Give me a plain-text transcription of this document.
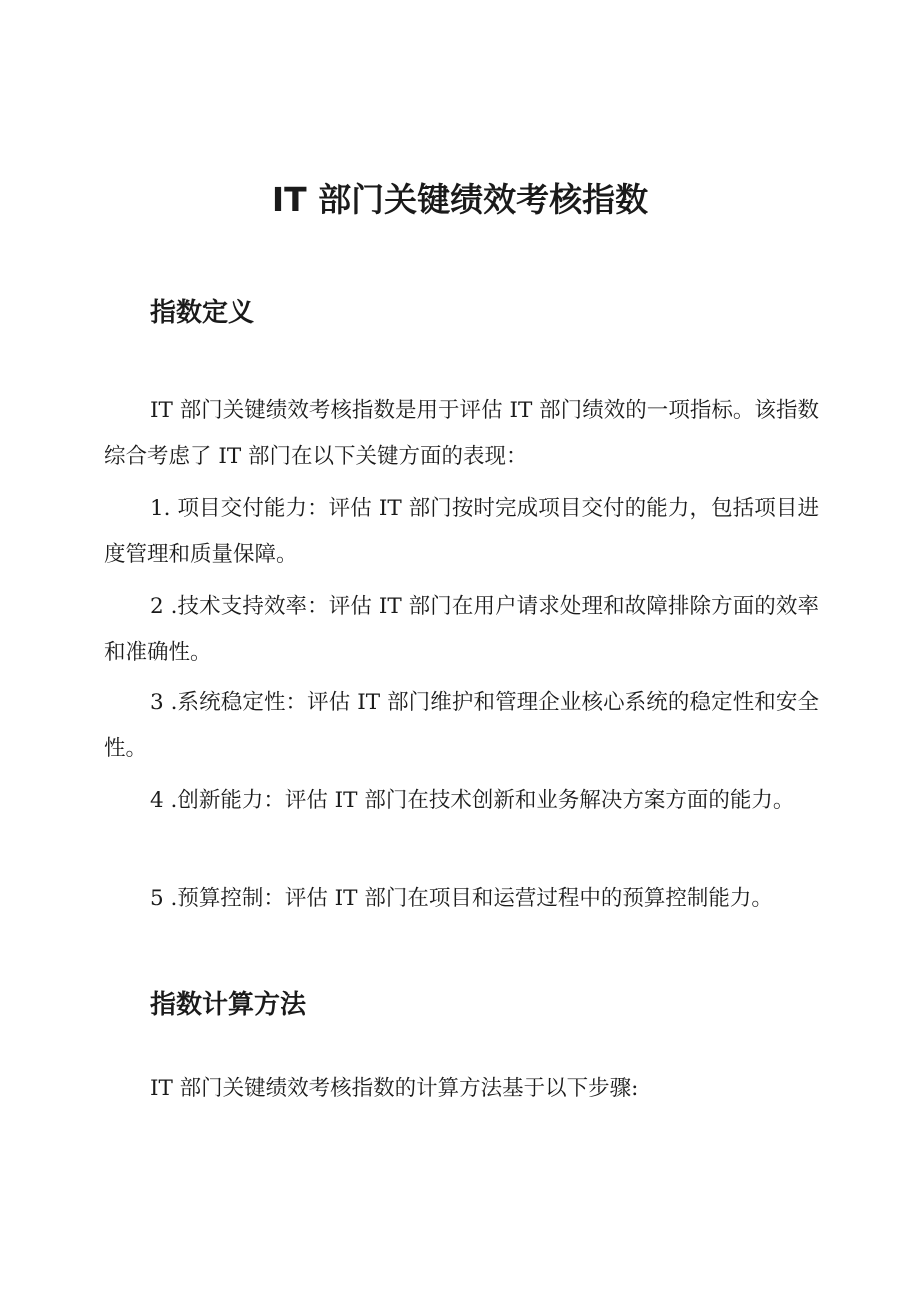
IT 部门关键绩效考核指数
指数定义

IT 部门关键绩效考核指数是用于评估 IT 部门绩效的一项指标。该指数综合考虑了 IT 部门在以下关键方面的表现：

1. 项目交付能力：评估 IT 部门按时完成项目交付的能力，包括项目进度管理和质量保障。

2 .技术支持效率：评估 IT 部门在用户请求处理和故障排除方面的效率和准确性。

3 .系统稳定性：评估 IT 部门维护和管理企业核心系统的稳定性和安全性。

4 .创新能力：评估 IT 部门在技术创新和业务解决方案方面的能力。

5 .预算控制：评估 IT 部门在项目和运营过程中的预算控制能力。

指数计算方法

IT 部门关键绩效考核指数的计算方法基于以下步骤:
